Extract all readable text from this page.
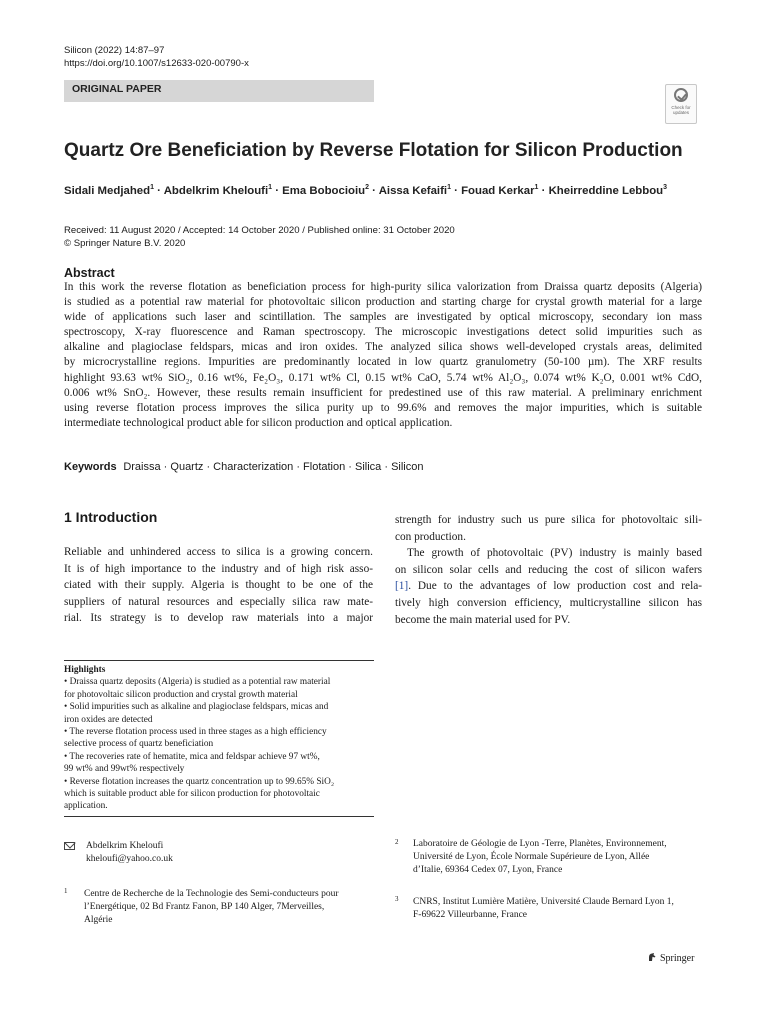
Silicon (2022) 14:87–97
https://doi.org/10.1007/s12633-020-00790-x
ORIGINAL PAPER
Check for updates
Quartz Ore Beneficiation by Reverse Flotation for Silicon Production
Sidali Medjahed$^1$ · Abdelkrim Kheloufi$^1$ · Ema Bobocioiu$^2$ · Aissa Kefaifi$^1$ · Fouad Kerkar$^1$ · Kheirreddine Lebbou$^3$
Received: 11 August 2020 / Accepted: 14 October 2020 / Published online: 31 October 2020
© Springer Nature B.V. 2020
Abstract
In this work the reverse flotation as beneficiation process for high-purity silica valorization from Draissa quartz deposits (Algeria)
is studied as a potential raw material for photovoltaic silicon production and starting charge for crystal growth material for a large
wide of applications such laser and scintillation. The samples are investigated by optical microscopy, secondary ion mass
spectroscopy, X-ray fluorescence and Raman spectroscopy. The microscopic investigations detect solid impurities such as
alkaline and plagioclase feldspars, micas and iron oxides. The analyzed silica shows well-developed crystals areas, delimited
by microcrystalline regions. Impurities are predominantly located in low quartz granulometry (50-100 µm). The XRF results
highlight 93.63 wt% SiO₂, 0.16 wt%, Fe₂O₃, 0.171 wt% Cl, 0.15 wt% CaO, 5.74 wt% Al₂O₃, 0.074 wt% K₂O, 0.001 wt% CdO,
0.006 wt% SnO₂. However, these results remain insufficient for predestined use of this raw material. A preliminary enrichment
using reverse flotation process improves the silica purity up to 99.6% and removes the major impurities, which is suitable
intermediate technological product able for silicon production and optical application.
Keywords Draissa · Quartz · Characterization · Flotation · Silica · Silicon
1 Introduction
Reliable and unhindered access to silica is a growing concern.
It is of high importance to the industry and of high risk asso-
ciated with their supply. Algeria is thought to be one of the
suppliers of natural resources and especially silica raw mate-
rial. Its strategy is to develop raw materials into a major
strength for industry such us pure silica for photovoltaic sili-
con production.
The growth of photovoltaic (PV) industry is mainly based
on silicon solar cells and reducing the cost of silicon wafers
[1]. Due to the advantages of low production cost and rela-
tively high conversion efficiency, multicrystalline silicon has
become the main material used for PV.
Highlights
• Draissa quartz deposits (Algeria) is studied as a potential raw material
for photovoltaic silicon production and crystal growth material
• Solid impurities such as alkaline and plagioclase feldspars, micas and
iron oxides are detected
• The reverse flotation process used in three stages as a high efficiency
selective process of quartz beneficiation
• The recoveries rate of hematite, mica and feldspar achieve 97 wt%,
99 wt% and 99wt% respectively
• Reverse flotation increases the quartz concentration up to 99.65% SiO₂
which is suitable product able for silicon production for photovoltaic
application.
Abdelkrim Kheloufi
kheloufi@yahoo.co.uk
1 Centre de Recherche de la Technologie des Semi-conducteurs pour
l’Energétique, 02 Bd Frantz Fanon, BP 140 Alger, 7Merveilles,
Algérie
2 Laboratoire de Géologie de Lyon -Terre, Planètes, Environnement,
Université de Lyon, École Normale Supérieure de Lyon, Allée
d’Italie, 69364 Cedex 07, Lyon, France
3 CNRS, Institut Lumière Matière, Université Claude Bernard Lyon 1,
F-69622 Villeurbanne, France
Springer
